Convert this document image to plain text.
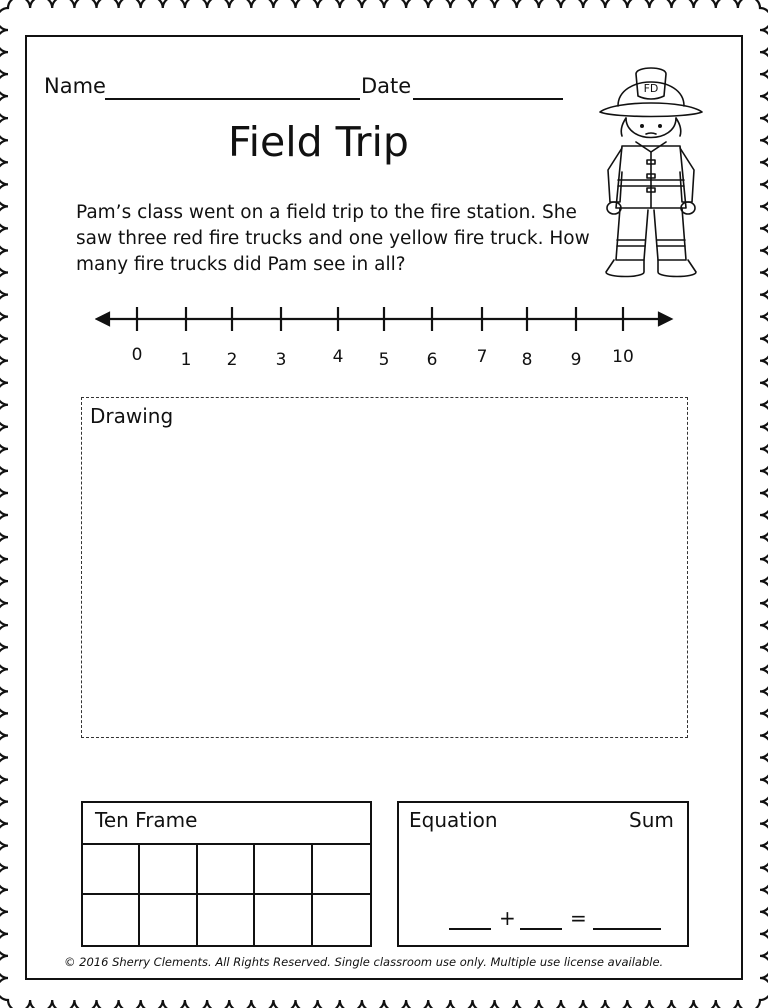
Name	Date
Field Trip
Pam’s class went on a field trip to the fire station. She saw three red fire trucks and one yellow fire truck. How many fire trucks did Pam see in all?
FD
0 1 2 3	4 5 6 7 8 9 10
Drawing
Ten Frame	Equation	Sum
+	=
© 2016 Sherry Clements. All Rights Reserved. Single classroom use only. Multiple use license available.
